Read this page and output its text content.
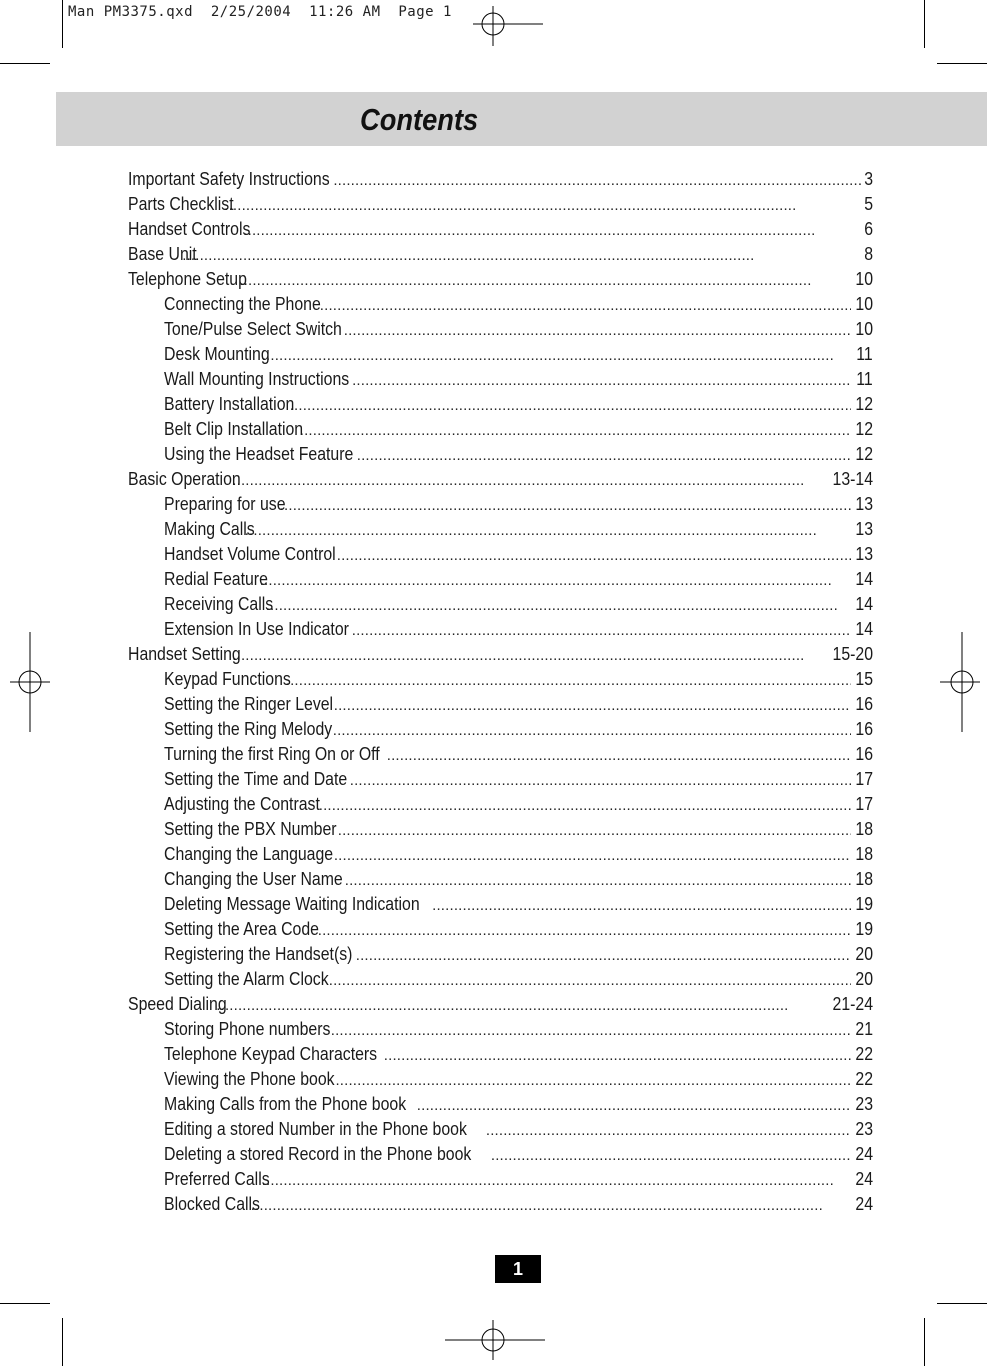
Man PM3375.qxd  2/25/2004  11:26 AM  Page 1
Contents
Important Safety Instructions . . .	3
Parts Checklist . . .	5
Handset Controls . . .	6
Base Unit . . .	8
Telephone Setup . . .	10
Connecting the Phone . . .	10
Tone/Pulse Select Switch . . .	10
Desk Mounting . . .	11
Wall Mounting Instructions . . .	11
Battery Installation . . .	12
Belt Clip Installation . . .	12
Using the Headset Feature . . .	12
Basic Operation . . .	13-14
Preparing for use . . .	13
Making Calls . . .	13
Handset Volume Control . . .	13
Redial Feature . . .	14
Receiving Calls . . .	14
Extension In Use Indicator . . .	14
Handset Setting . . .	15-20
Keypad Functions . . .	15
Setting the Ringer Level . . .	16
Setting the Ring Melody . . .	16
Turning the first Ring On or Off . . .	16
Setting the Time and Date . . .	17
Adjusting the Contrast . . .	17
Setting the PBX Number . . .	18
Changing the Language . . .	18
Changing the User Name . . .	18
Deleting Message Waiting Indication . . .	19
Setting the Area Code . . .	19
Registering the Handset(s) . . .	20
Setting the Alarm Clock . . .	20
Speed Dialing . . .	21-24
Storing Phone numbers . . .	21
Telephone Keypad Characters . . .	22
Viewing the Phone book . . .	22
Making Calls from the Phone book . . .	23
Editing a stored Number in the Phone book . . .	23
Deleting a stored Record in the Phone book . . .	24
Preferred Calls . . .	24
Blocked Calls . . .	24
1
